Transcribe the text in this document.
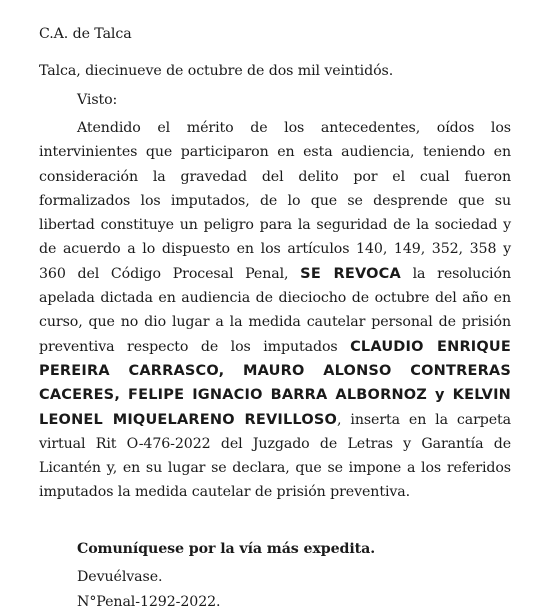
C.A. de Talca

Talca, diecinueve de octubre de dos mil veintidós.

Visto:

Atendido el mérito de los antecedentes, oídos los intervinientes que participaron en esta audiencia, teniendo en consideración la gravedad del delito por el cual fueron formalizados los imputados, de lo que se desprende que su libertad constituye un peligro para la seguridad de la sociedad y de acuerdo a lo dispuesto en los artículos 140, 149, 352, 358 y 360 del Código Procesal Penal, SE REVOCA la resolución apelada dictada en audiencia de dieciocho de octubre del año en curso, que no dio lugar a la medida cautelar personal de prisión preventiva respecto de los imputados CLAUDIO ENRIQUE PEREIRA CARRASCO, MAURO ALONSO CONTRERAS CACERES, FELIPE IGNACIO BARRA ALBORNOZ y KELVIN LEONEL MIQUELARENO REVILLOSO, inserta en la carpeta virtual Rit O-476-2022 del Juzgado de Letras y Garantía de Licantén y, en su lugar se declara, que se impone a los referidos imputados la medida cautelar de prisión preventiva.

Comuníquese por la vía más expedita.

Devuélvase.

N°Penal-1292-2022.
